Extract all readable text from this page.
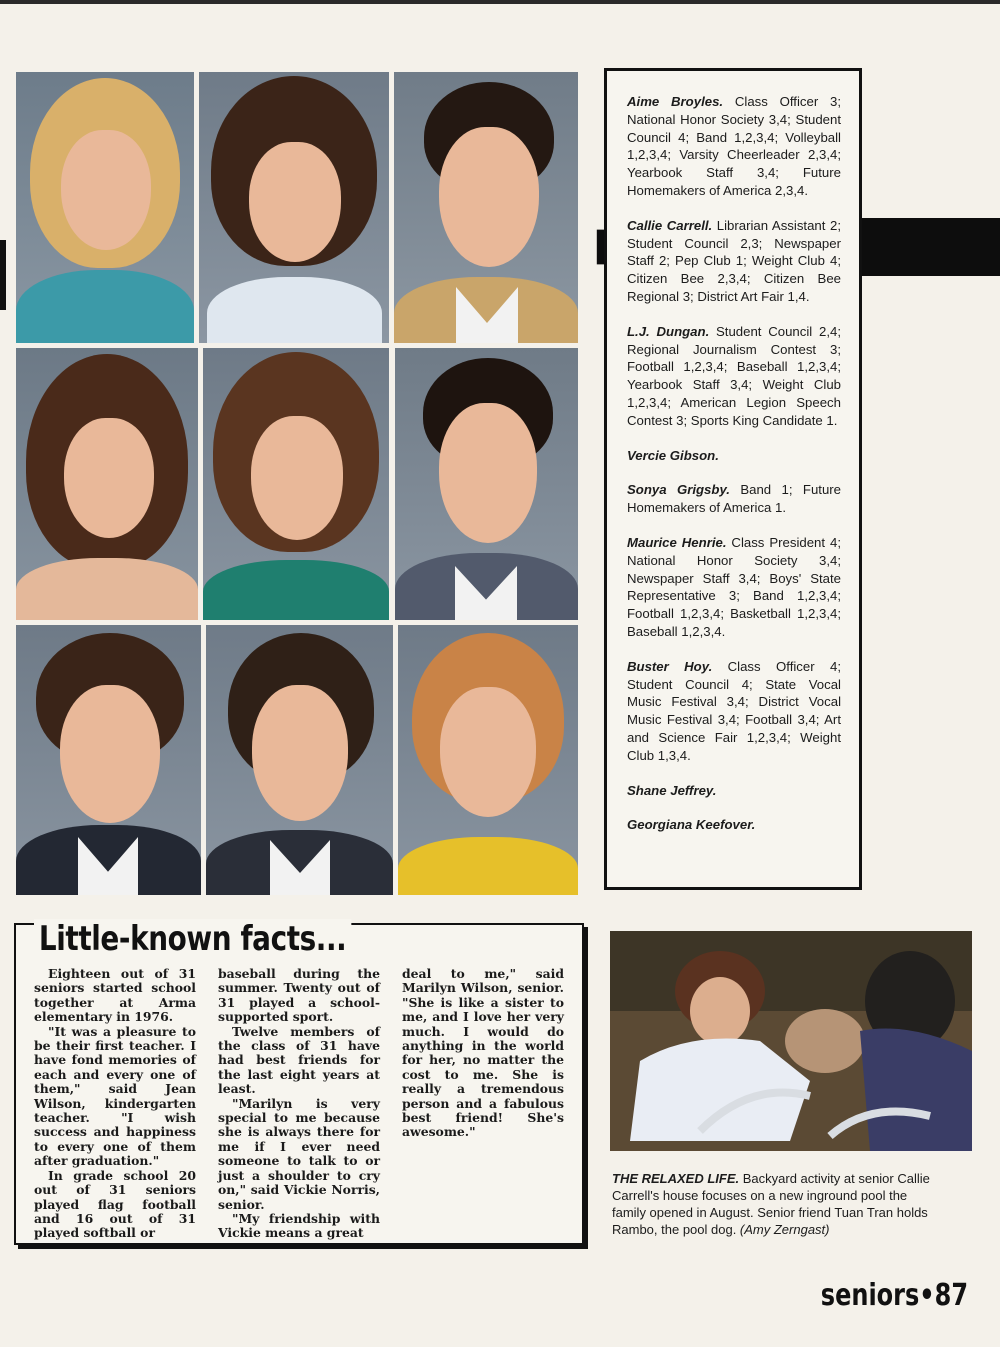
Aime Broyles. Class Officer 3; National Honor Society 3,4; Student Council 4; Band 1,2,3,4; Volleyball 1,2,3,4; Varsity Cheerleader 2,3,4; Yearbook Staff 3,4; Future Homemakers of America 2,3,4.

Callie Carrell. Librarian Assistant 2; Student Council 2,3; Newspaper Staff 2; Pep Club 1; Weight Club 4; Citizen Bee 2,3,4; Citizen Bee Regional 3; District Art Fair 1,4.

L.J. Dungan. Student Council 2,4; Regional Journalism Contest 3; Football 1,2,3,4; Baseball 1,2,3,4; Yearbook Staff 3,4; Weight Club 1,2,3,4; American Legion Speech Contest 3; Sports King Candidate 1.

Vercie Gibson.

Sonya Grigsby. Band 1; Future Homemakers of America 1.

Maurice Henrie. Class President 4; National Honor Society 3,4; Newspaper Staff 3,4; Boys' State Representative 3; Band 1,2,3,4; Football 1,2,3,4; Basketball 1,2,3,4; Baseball 1,2,3,4.

Buster Hoy. Class Officer 4; Student Council 4; State Vocal Music Festival 3,4; District Vocal Music Festival 3,4; Football 3,4; Art and Science Fair 1,2,3,4; Weight Club 1,3,4.

Shane Jeffrey.

Georgiana Keefover.

Little-known facts...

Eighteen out of 31 seniors started school together at Arma elementary in 1976.

"It was a pleasure to be their first teacher. I have fond memories of each and every one of them," said Jean Wilson, kindergarten teacher. "I wish success and happiness to every one of them after graduation."

In grade school 20 out of 31 seniors played flag football and 16 out of 31 played softball or

baseball during the summer. Twenty out of 31 played a school-supported sport.

Twelve members of the class of 31 have had best friends for the last eight years at least.

"Marilyn is very special to me because she is always there for me if I ever need someone to talk to or just a shoulder to cry on," said Vickie Norris, senior.

"My friendship with Vickie means a great

deal to me," said Marilyn Wilson, senior. "She is like a sister to me, and I love her very much. I would do anything in the world for her, no matter the cost to me. She is really a tremendous person and a fabulous best friend! She's awesome."

THE RELAXED LIFE. Backyard activity at senior Callie Carrell's house focuses on a new inground pool the family opened in August. Senior friend Tuan Tran holds Rambo, the pool dog. (Amy Zerngast)
seniors•87
